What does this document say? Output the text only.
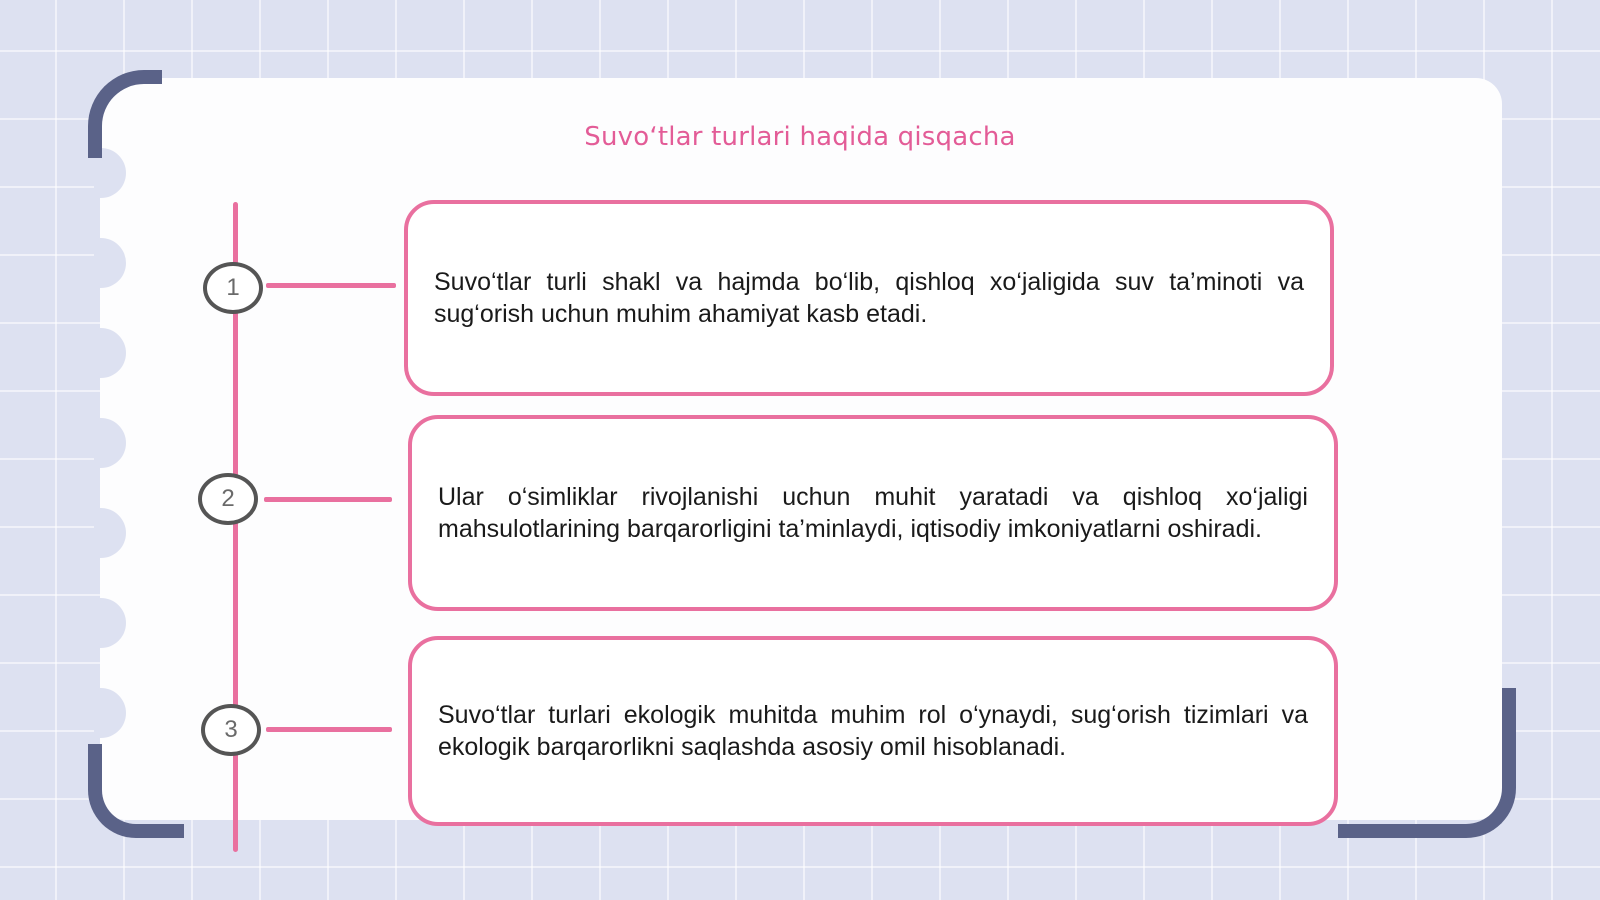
Suvoʻtlar turlari haqida qisqacha
1	Suvo‘tlar turli shakl va hajmda bo‘lib, qishloq xo‘jaligida suv ta’minoti va sug‘orish uchun muhim ahamiyat kasb etadi.

2	Ular o‘simliklar rivojlanishi uchun muhit yaratadi va qishloq xo‘jaligi mahsulotlarining barqarorligini ta’minlaydi, iqtisodiy imkoniyatlarni oshiradi.

3

Suvo‘tlar turlari ekologik muhitda muhim rol o‘ynaydi, sug‘orish tizimlari va ekologik barqarorlikni saqlashda asosiy omil hisoblanadi.
